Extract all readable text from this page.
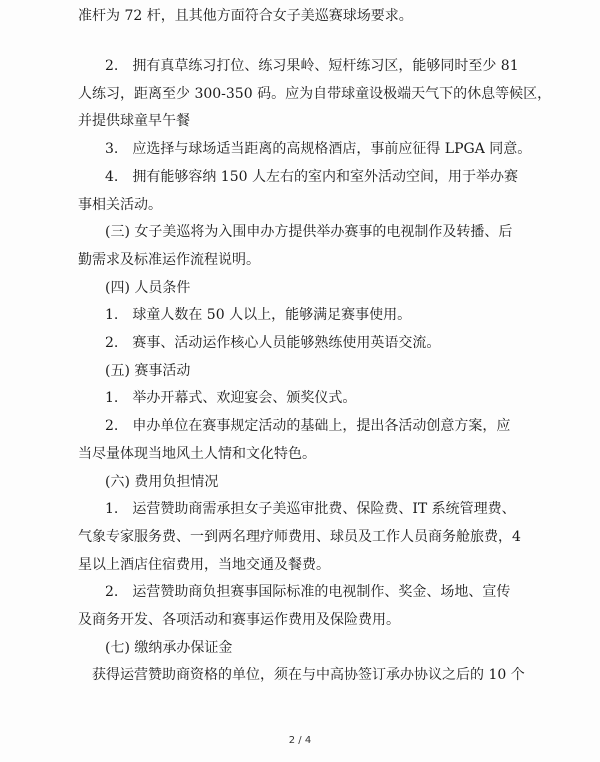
准杆为 72 杆，且其他方面符合女子美巡赛球场要求。
2.　拥有真草练习打位、练习果岭、短杆练习区，能够同时至少 81
人练习，距离至少 300-350 码。应为自带球童设极端天气下的休息等候区，
并提供球童早午餐
3.　应选择与球场适当距离的高规格酒店，事前应征得 LPGA 同意。
4.　拥有能够容纳 150 人左右的室内和室外活动空间，用于举办赛
事相关活动。
(三) 女子美巡将为入围申办方提供举办赛事的电视制作及转播、后
勤需求及标准运作流程说明。
(四) 人员条件
1.　球童人数在 50 人以上，能够满足赛事使用。
2.　赛事、活动运作核心人员能够熟练使用英语交流。
(五) 赛事活动
1.　举办开幕式、欢迎宴会、颁奖仪式。
2.　申办单位在赛事规定活动的基础上，提出各活动创意方案，应
当尽量体现当地风土人情和文化特色。
(六) 费用负担情况
1.　运营赞助商需承担女子美巡审批费、保险费、IT 系统管理费、
气象专家服务费、一到两名理疗师费用、球员及工作人员商务舱旅费，4
星以上酒店住宿费用，当地交通及餐费。
2.　运营赞助商负担赛事国际标准的电视制作、奖金、场地、宣传
及商务开发、各项活动和赛事运作费用及保险费用。
(七) 缴纳承办保证金
获得运营赞助商资格的单位，须在与中高协签订承办协议之后的 10 个
2 / 4
